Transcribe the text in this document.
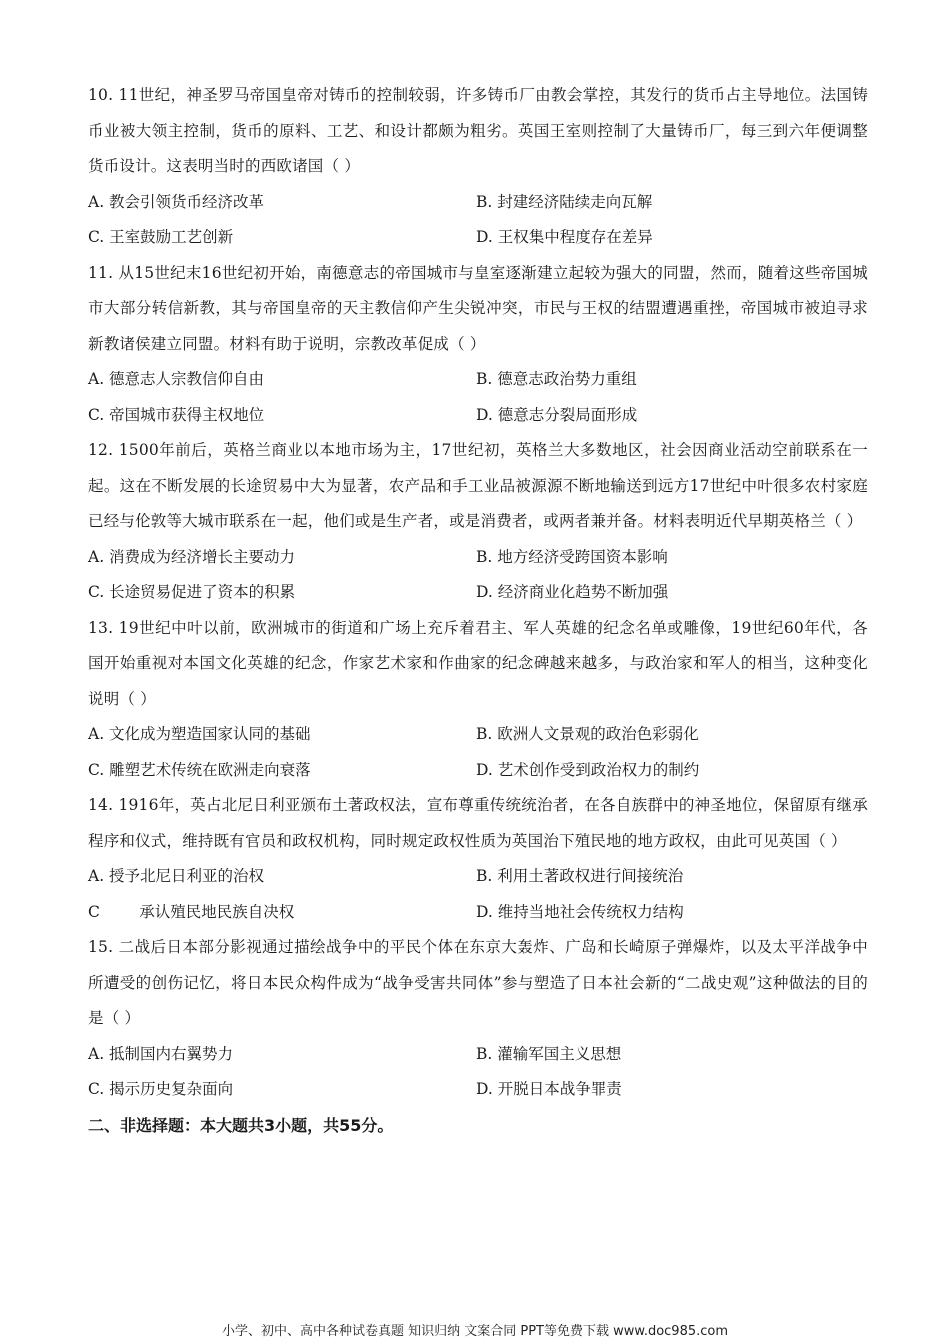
10. 11世纪，神圣罗马帝国皇帝对铸币的控制较弱，许多铸币厂由教会掌控，其发行的货币占主导地位。法国铸币业被大领主控制，货币的原料、工艺、和设计都颇为粗劣。英国王室则控制了大量铸币厂，每三到六年便调整货币设计。这表明当时的西欧诸国（ ）

A. 教会引领货币经济改革	B. 封建经济陆续走向瓦解
C. 王室鼓励工艺创新	D. 王权集中程度存在差异

11. 从15世纪末16世纪初开始，南德意志的帝国城市与皇室逐渐建立起较为强大的同盟，然而，随着这些帝国城市大部分转信新教，其与帝国皇帝的天主教信仰产生尖锐冲突，市民与王权的结盟遭遇重挫，帝国城市被迫寻求新教诸侯建立同盟。材料有助于说明，宗教改革促成（ ）

A. 德意志人宗教信仰自由	B. 德意志政治势力重组
C. 帝国城市获得主权地位	D. 德意志分裂局面形成

12. 1500年前后，英格兰商业以本地市场为主，17世纪初，英格兰大多数地区，社会因商业活动空前联系在一起。这在不断发展的长途贸易中大为显著，农产品和手工业品被源源不断地输送到远方17世纪中叶很多农村家庭已经与伦敦等大城市联系在一起，他们或是生产者，或是消费者，或两者兼并备。材料表明近代早期英格兰（ ）

A. 消费成为经济增长主要动力	B. 地方经济受跨国资本影响
C. 长途贸易促进了资本的积累	D. 经济商业化趋势不断加强

13. 19世纪中叶以前，欧洲城市的街道和广场上充斥着君主、军人英雄的纪念名单或雕像，19世纪60年代，各国开始重视对本国文化英雄的纪念，作家艺术家和作曲家的纪念碑越来越多，与政治家和军人的相当，这种变化说明（ ）

A. 文化成为塑造国家认同的基础	B. 欧洲人文景观的政治色彩弱化
C. 雕塑艺术传统在欧洲走向衰落	D. 艺术创作受到政治权力的制约

14. 1916年，英占北尼日利亚颁布土著政权法，宣布尊重传统统治者，在各自族群中的神圣地位，保留原有继承程序和仪式，维持既有官员和政权机构，同时规定政权性质为英国治下殖民地的地方政权，由此可见英国（ ）

A. 授予北尼日利亚的治权	B. 利用土著政权进行间接统治
C        承认殖民地民族自决权	D. 维持当地社会传统权力结构

15. 二战后日本部分影视通过描绘战争中的平民个体在东京大轰炸、广岛和长崎原子弹爆炸，以及太平洋战争中所遭受的创伤记忆，将日本民众构件成为“战争受害共同体”参与塑造了日本社会新的“二战史观”这种做法的目的是（ ）

A. 抵制国内右翼势力	B. 灌输军国主义思想
C. 揭示历史复杂面向	D. 开脱日本战争罪责
二、非选择题：本大题共3小题，共55分。
小学、初中、高中各种试卷真题 知识归纳 文案合同 PPT等免费下载 www.doc985.com
